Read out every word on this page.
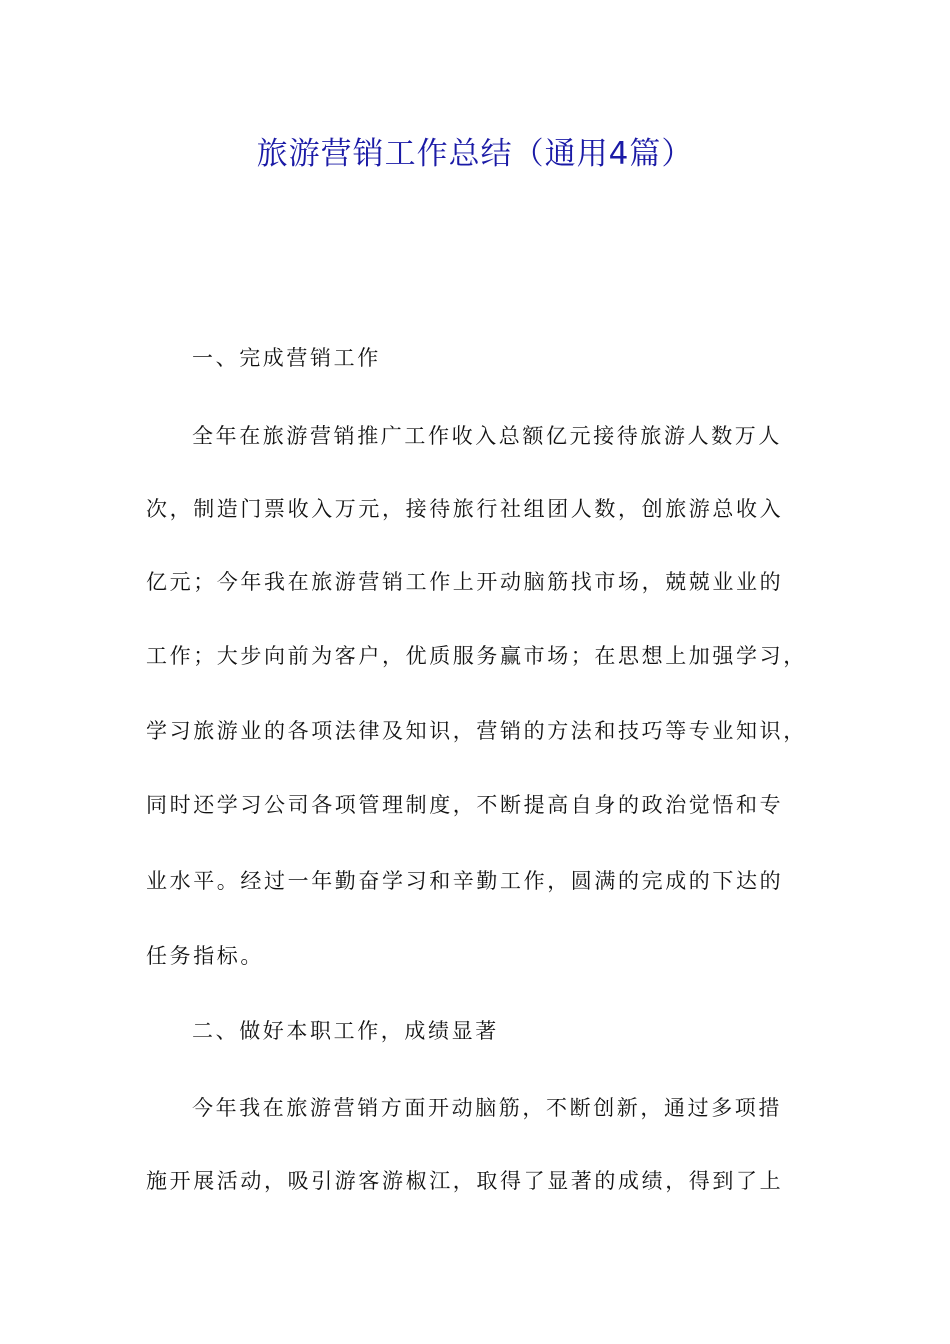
旅游营销工作总结（通用4篇）
一、完成营销工作
全年在旅游营销推广工作收入总额亿元接待旅游人数万人
次，制造门票收入万元，接待旅行社组团人数，创旅游总收入
亿元；今年我在旅游营销工作上开动脑筋找市场，兢兢业业的
工作；大步向前为客户，优质服务赢市场；在思想上加强学习，
学习旅游业的各项法律及知识，营销的方法和技巧等专业知识，
同时还学习公司各项管理制度，不断提高自身的政治觉悟和专
业水平。经过一年勤奋学习和辛勤工作，圆满的完成的下达的
任务指标。
二、做好本职工作，成绩显著
今年我在旅游营销方面开动脑筋，不断创新，通过多项措
施开展活动，吸引游客游椒江，取得了显著的成绩，得到了上
